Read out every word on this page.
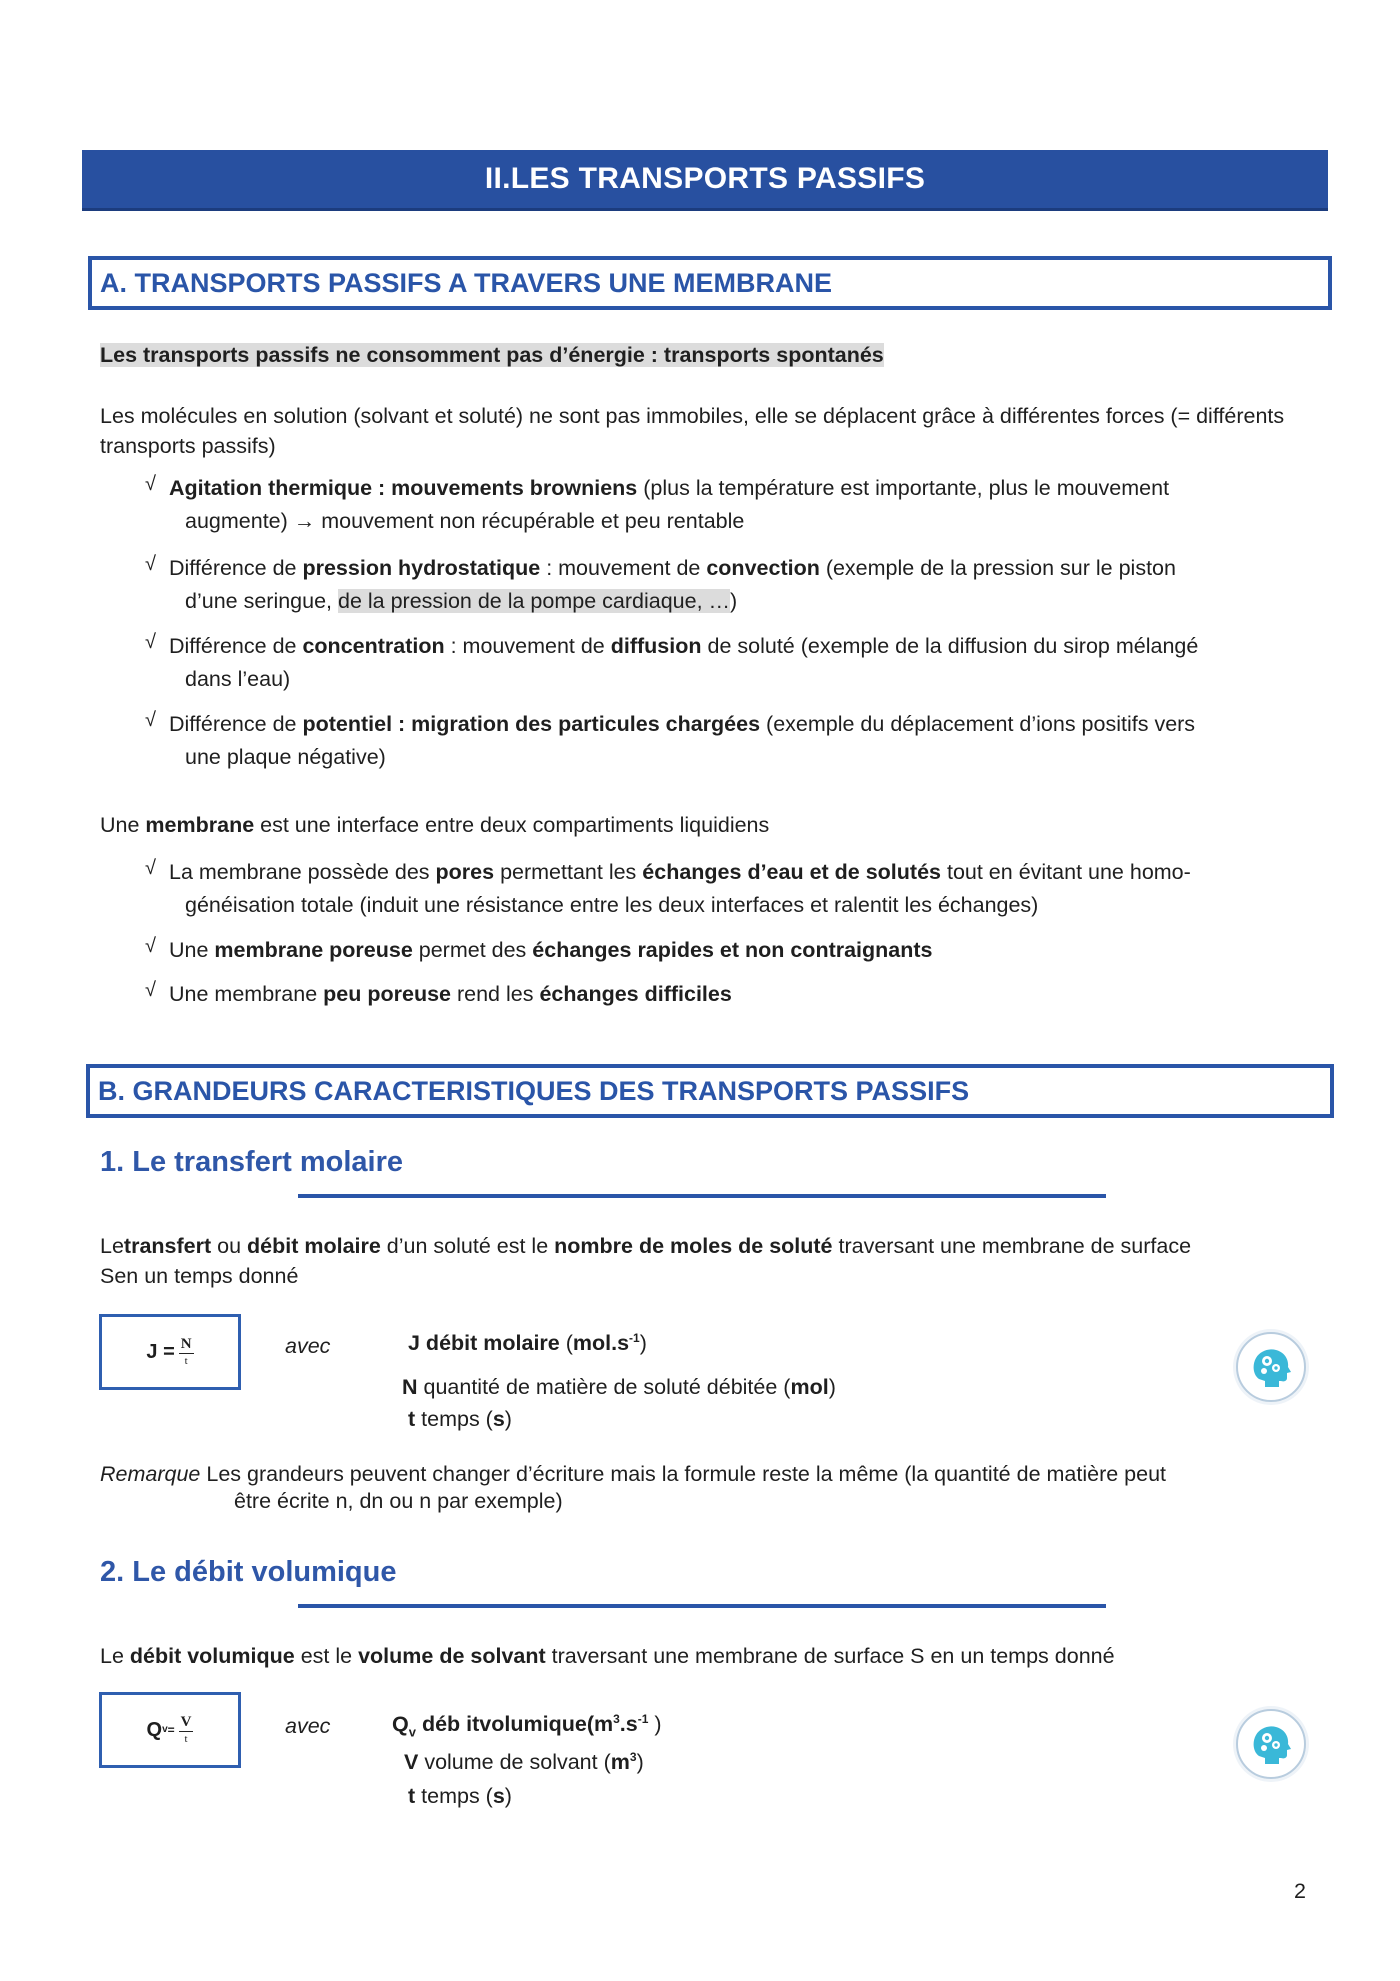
II.LES TRANSPORTS PASSIFS
A. TRANSPORTS PASSIFS A TRAVERS UNE MEMBRANE
Les transports passifs ne consomment pas d’énergie : transports spontanés
Les molécules en solution (solvant et soluté) ne sont pas immobiles, elle se déplacent grâce à différentes forces (= différents transports passifs)
√ Agitation thermique : mouvements browniens (plus la température est importante, plus le mouvement
augmente) → mouvement non récupérable et peu rentable
√ Différence de pression hydrostatique : mouvement de convection (exemple de la pression sur le piston
d’une seringue, de la pression de la pompe cardiaque, …)
√ Différence de concentration : mouvement de diffusion de soluté (exemple de la diffusion du sirop mélangé
dans l’eau)
√ Différence de potentiel : migration des particules chargées (exemple du déplacement d’ions positifs vers
une plaque négative)
Une membrane est une interface entre deux compartiments liquidiens
√ La membrane possède des pores permettant les échanges d’eau et de solutés tout en évitant une homo-
généisation totale (induit une résistance entre les deux interfaces et ralentit les échanges)
√ Une membrane poreuse permet des échanges rapides et non contraignants
√ Une membrane peu poreuse rend les échanges difficiles
B. GRANDEURS CARACTERISTIQUES DES TRANSPORTS PASSIFS
1. Le transfert molaire
Letransfert ou débit molaire d’un soluté est le nombre de moles de soluté traversant une membrane de surface
Sen un temps donné
$J = \frac{N}{t}$	avec	J débit molaire $(mol.s^{-1})$
N quantité de matière de soluté débitée (mol)
t temps (s)
Remarque Les grandeurs peuvent changer d’écriture mais la formule reste la même (la quantité de matière peut
être écrite n, dn ou n par exemple)
2. Le débit volumique
Le débit volumique est le volume de solvant traversant une membrane de surface S en un temps donné
Q $v = \frac{V}{t}$	avec	$Q_v$ déb $itvolumique(m^3.s^{-1}$ )
V volume de solvant $(m^3)$
t temps (s)
2
